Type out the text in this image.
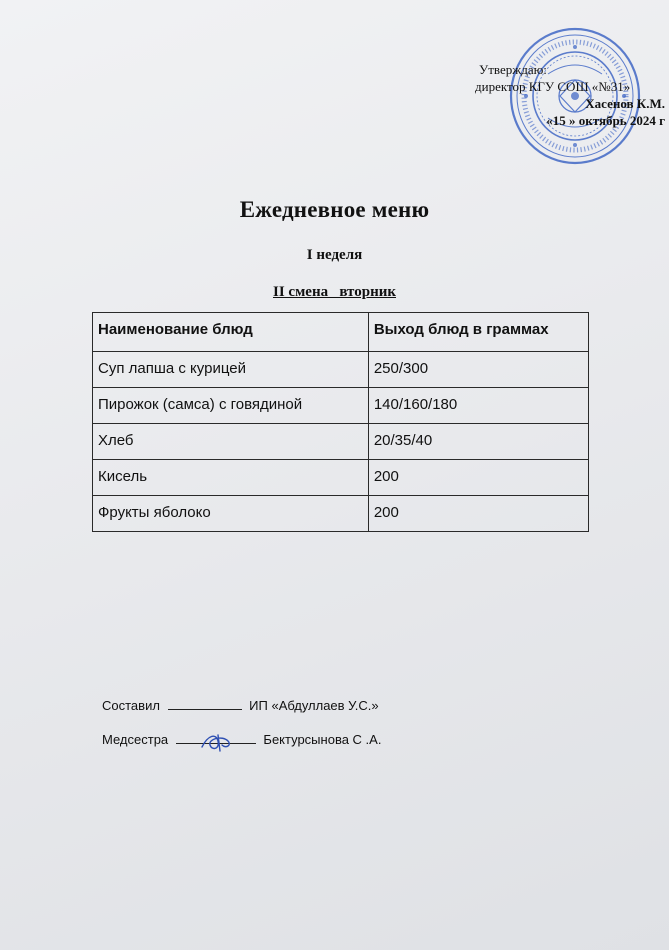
Утверждаю:
директор КГУ СОШ «№31»
Хасенов К.М.
«15 » октябрь 2024 г
Ежедневное меню
I неделя
II смена   вторник
Наименование блюд	Выход блюд в граммах
Суп лапша с курицей	250/300
Пирожок (самса) с говядиной	140/160/180
Хлеб	20/35/40
Кисель	200
Фрукты яболоко	200
Составил	ИП «Абдуллаев У.С.»
Медсестра	Бектурсынова С .А.
